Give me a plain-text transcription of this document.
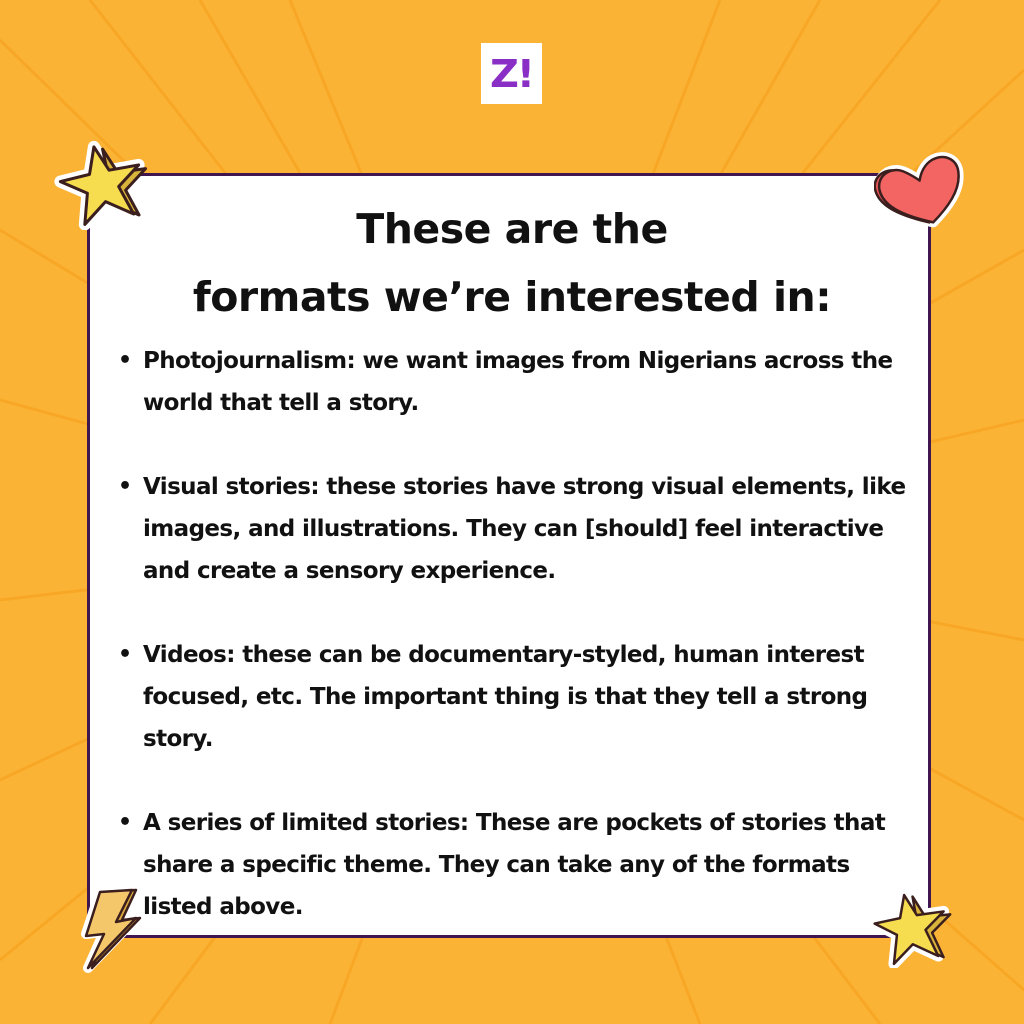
Z!
These are the
formats we’re interested in:
• Photojournalism: we want images from Nigerians across the world that tell a story.
• Visual stories: these stories have strong visual elements, like images, and illustrations. They can [should] feel interactive and create a sensory experience.
• Videos: these can be documentary-styled, human interest focused, etc. The important thing is that they tell a strong story.
• A series of limited stories: These are pockets of stories that share a specific theme. They can take any of the formats listed above.
